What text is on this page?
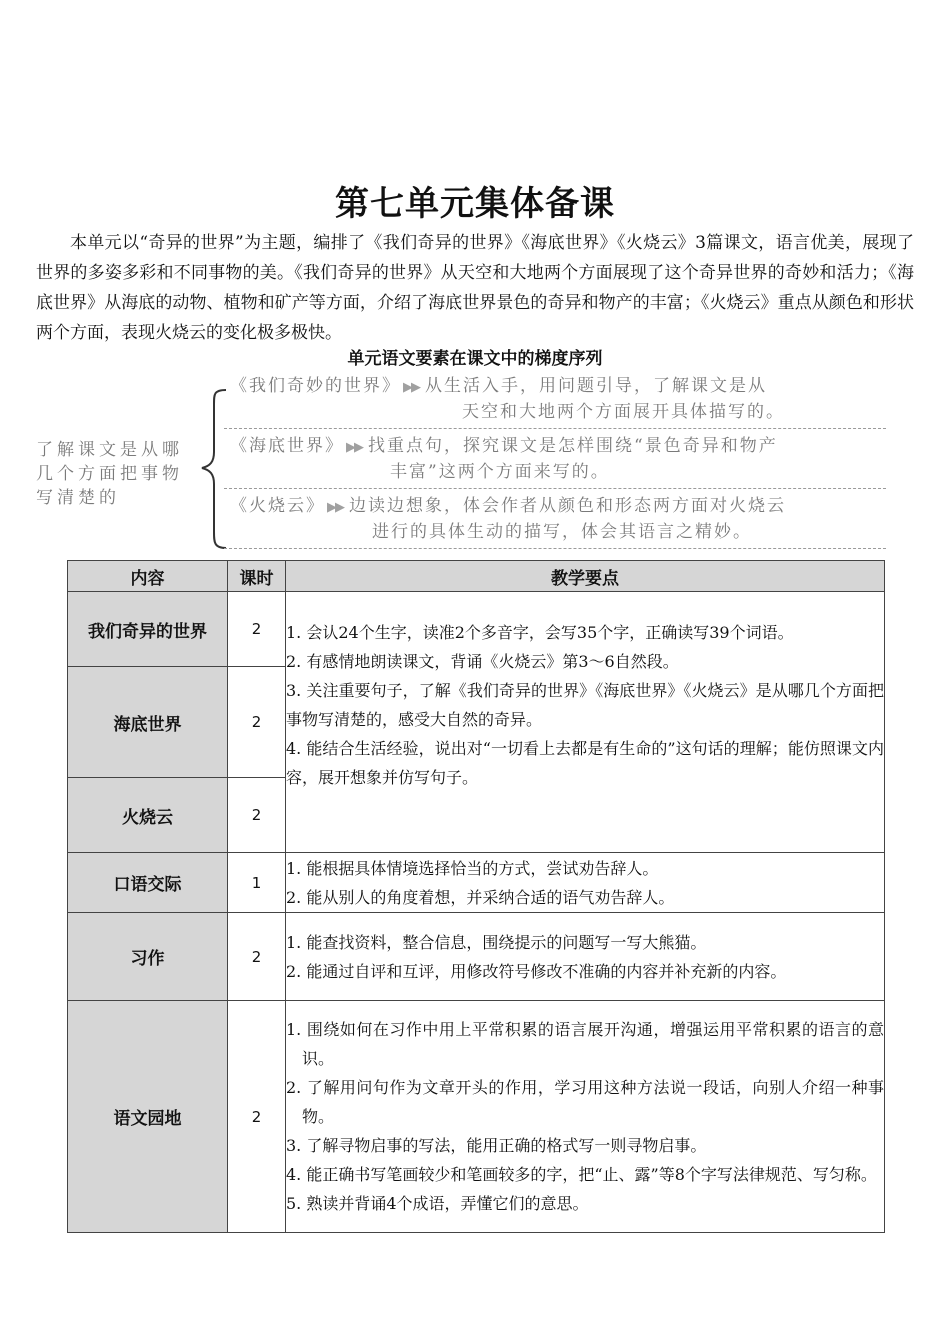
第七单元集体备课
本单元以“奇异的世界”为主题，编排了《我们奇异的世界》《海底世界》《火烧云》3篇课文，语言优美，展现了世界的多姿多彩和不同事物的美。《我们奇异的世界》从天空和大地两个方面展现了这个奇异世界的奇妙和活力；《海底世界》从海底的动物、植物和矿产等方面，介绍了海底世界景色的奇异和物产的丰富；《火烧云》重点从颜色和形状两个方面，表现火烧云的变化极多极快。
单元语文要素在课文中的梯度序列
了解课文是从哪几个方面把事物写清楚的
《我们奇妙的世界》 ▶▶ 从生活入手，用问题引导，了解课文是从
天空和大地两个方面展开具体描写的。
《海底世界》 ▶▶ 找重点句，探究课文是怎样围绕“景色奇异和物产
丰富”这两个方面来写的。
《火烧云》 ▶▶ 边读边想象，体会作者从颜色和形态两方面对火烧云
进行的具体生动的描写，体会其语言之精妙。
内容	课时	教学要点
我们奇异的世界	2	1. 会认24个生字，读准2个多音字，会写35个字，正确读写39个词语。
2. 有感情地朗读课文，背诵《火烧云》第3～6自然段。
3. 关注重要句子，了解《我们奇异的世界》《海底世界》《火烧云》是从哪几个方面把事物写清楚的，感受大自然的奇异。
4. 能结合生活经验，说出对“一切看上去都是有生命的”这句话的理解；能仿照课文内容，展开想象并仿写句子。

海底世界	2	
火烧云	2	
口语交际	1	1. 能根据具体情境选择恰当的方式，尝试劝告辞人。
2. 能从别人的角度着想，并采纳合适的语气劝告辞人。

习作	2	1. 能查找资料，整合信息，围绕提示的问题写一写大熊猫。
2. 能通过自评和互评，用修改符号修改不准确的内容并补充新的内容。

语文园地	2	1. 围绕如何在习作中用上平常积累的语言展开沟通，增强运用平常积累的语言的意识。
2. 了解用问句作为文章开头的作用，学习用这种方法说一段话，向别人介绍一种事物。
3. 了解寻物启事的写法，能用正确的格式写一则寻物启事。
4. 能正确书写笔画较少和笔画较多的字，把“止、露”等8个字写法律规范、写匀称。
5. 熟读并背诵4个成语，弄懂它们的意思。
